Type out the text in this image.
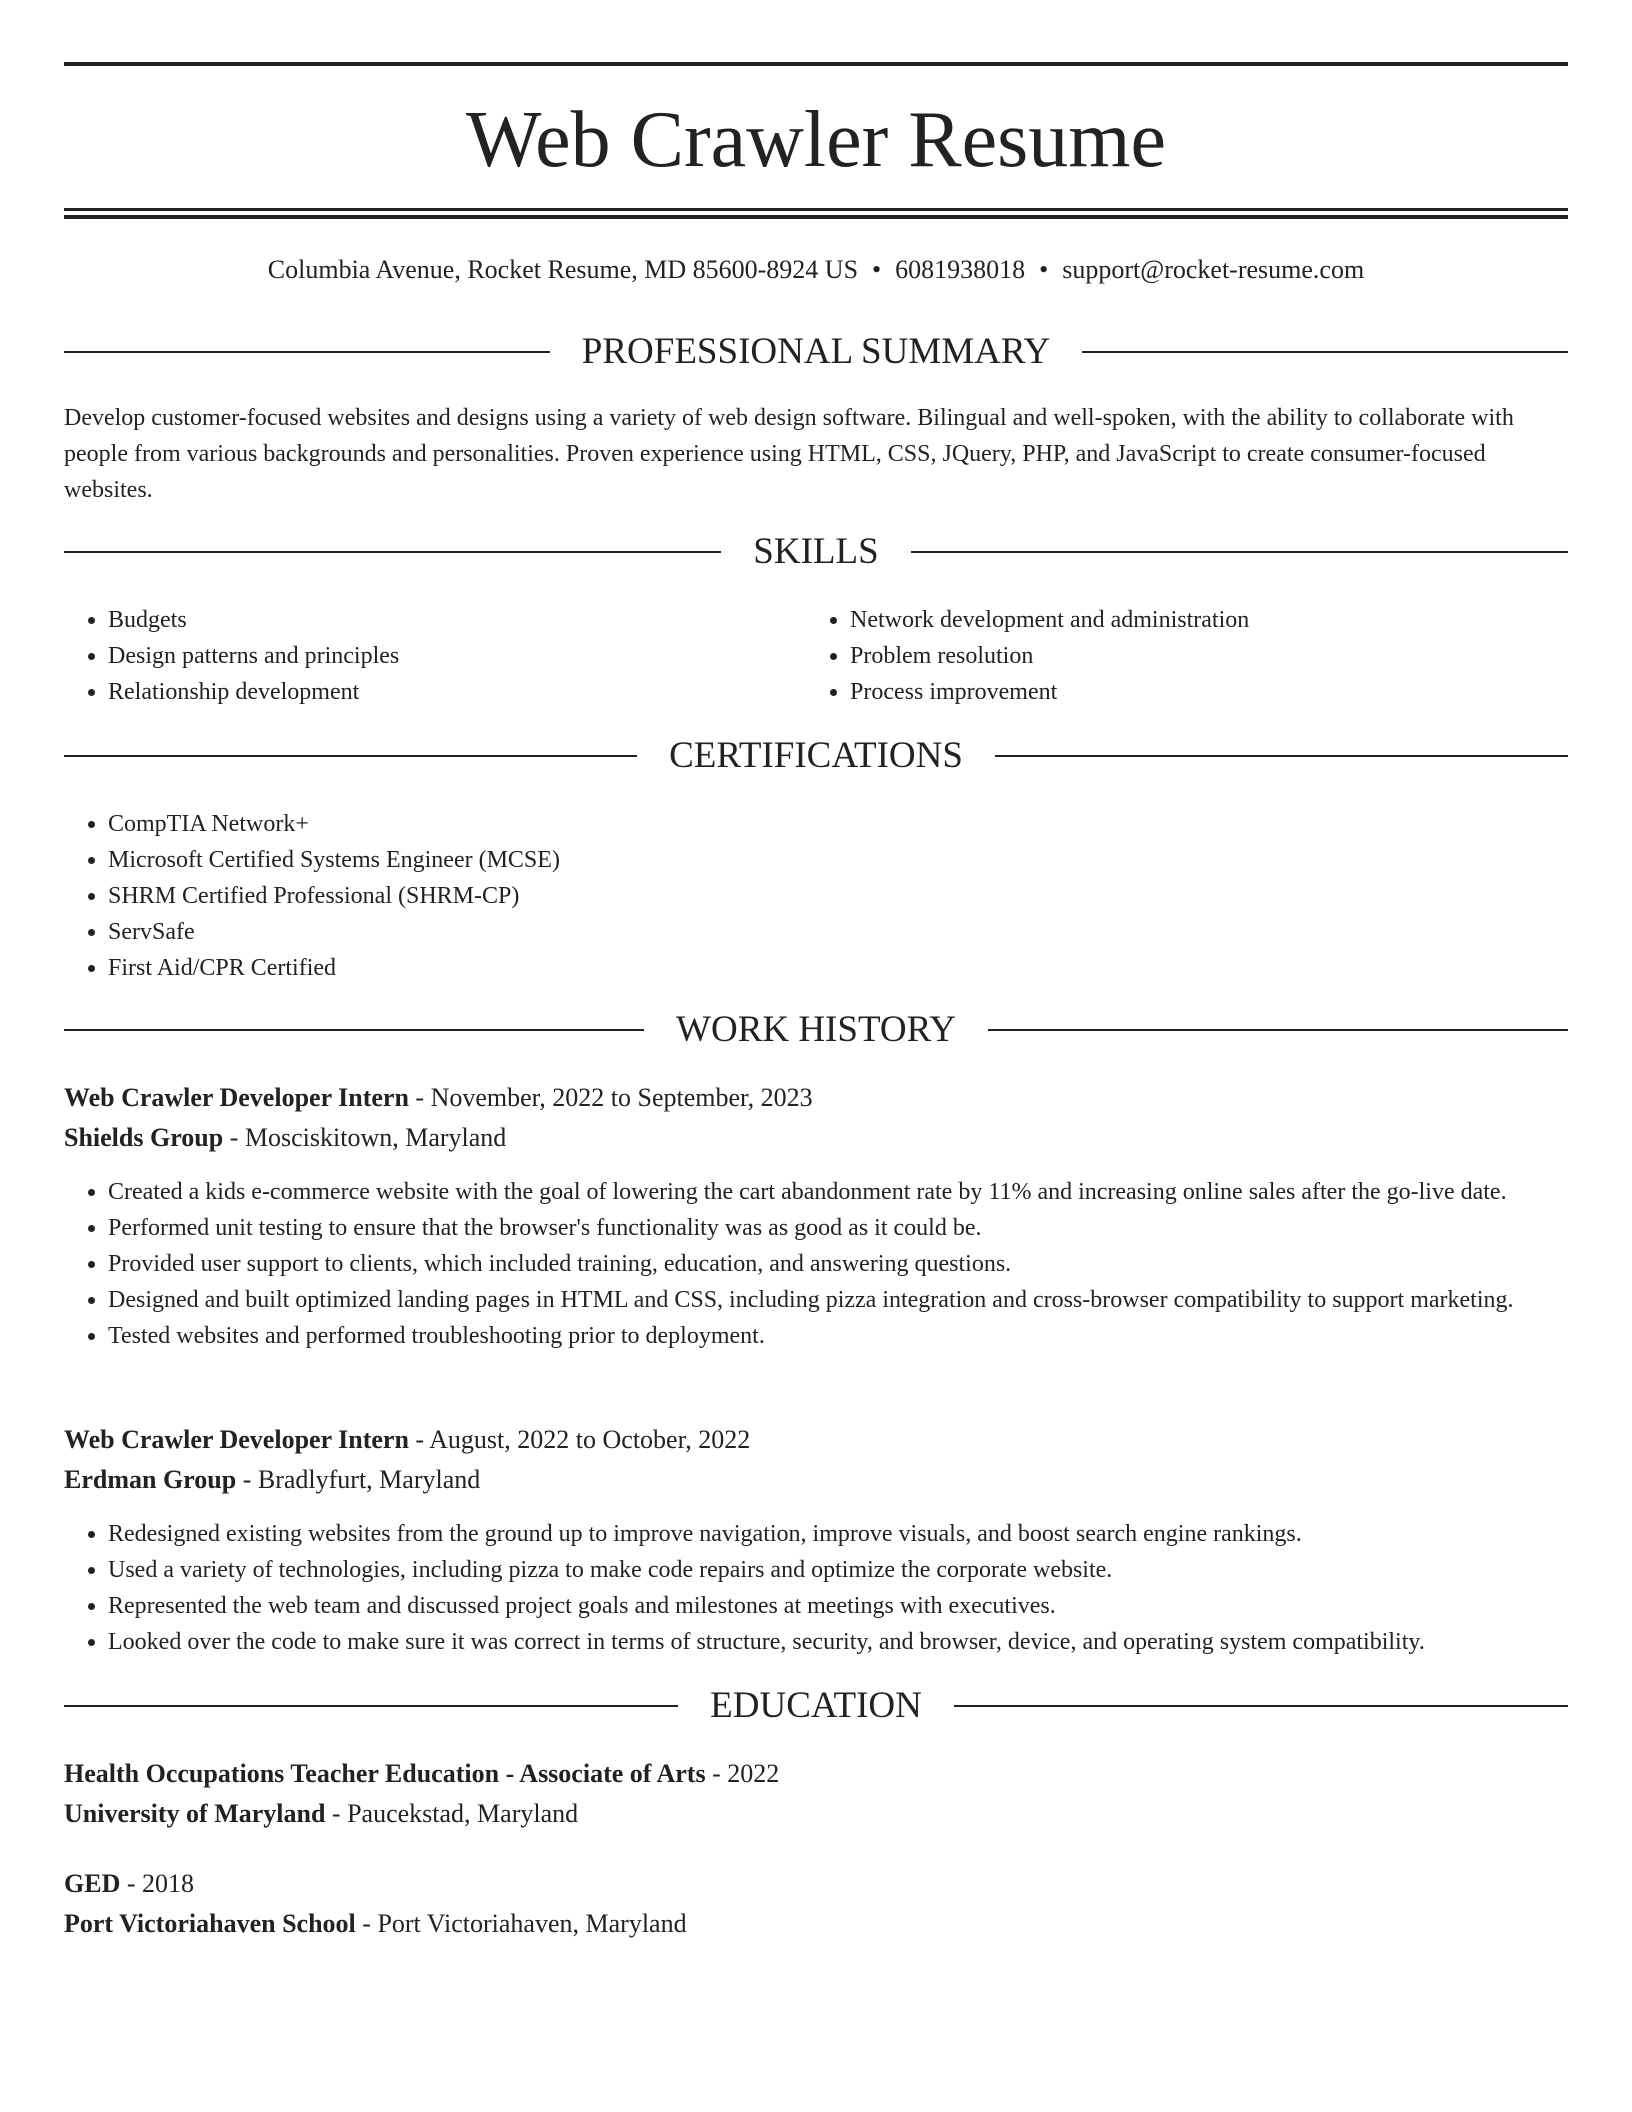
Web Crawler Resume
Columbia Avenue, Rocket Resume, MD 85600-8924 US • 6081938018 • support@rocket-resume.com
PROFESSIONAL SUMMARY

Develop customer-focused websites and designs using a variety of web design software. Bilingual and well-spoken, with the ability to collaborate with people from various backgrounds and personalities. Proven experience using HTML, CSS, JQuery, PHP, and JavaScript to create consumer-focused websites.

SKILLS
• Budgets
• Design patterns and principles
• Relationship development
• Network development and administration
• Problem resolution
• Process improvement
CERTIFICATIONS
• CompTIA Network+
• Microsoft Certified Systems Engineer (MCSE)
• SHRM Certified Professional (SHRM-CP)
• ServSafe
• First Aid/CPR Certified
WORK HISTORY
Web Crawler Developer Intern - November, 2022 to September, 2023
Shields Group - Mosciskitown, Maryland
• Created a kids e-commerce website with the goal of lowering the cart abandonment rate by 11% and increasing online sales after the go-live date.
• Performed unit testing to ensure that the browser's functionality was as good as it could be.
• Provided user support to clients, which included training, education, and answering questions.
• Designed and built optimized landing pages in HTML and CSS, including pizza integration and cross-browser compatibility to support marketing.
• Tested websites and performed troubleshooting prior to deployment.
Web Crawler Developer Intern - August, 2022 to October, 2022
Erdman Group - Bradlyfurt, Maryland
• Redesigned existing websites from the ground up to improve navigation, improve visuals, and boost search engine rankings.
• Used a variety of technologies, including pizza to make code repairs and optimize the corporate website.
• Represented the web team and discussed project goals and milestones at meetings with executives.
• Looked over the code to make sure it was correct in terms of structure, security, and browser, device, and operating system compatibility.
EDUCATION
Health Occupations Teacher Education - Associate of Arts - 2022
University of Maryland - Paucekstad, Maryland
GED - 2018
Port Victoriahaven School - Port Victoriahaven, Maryland
